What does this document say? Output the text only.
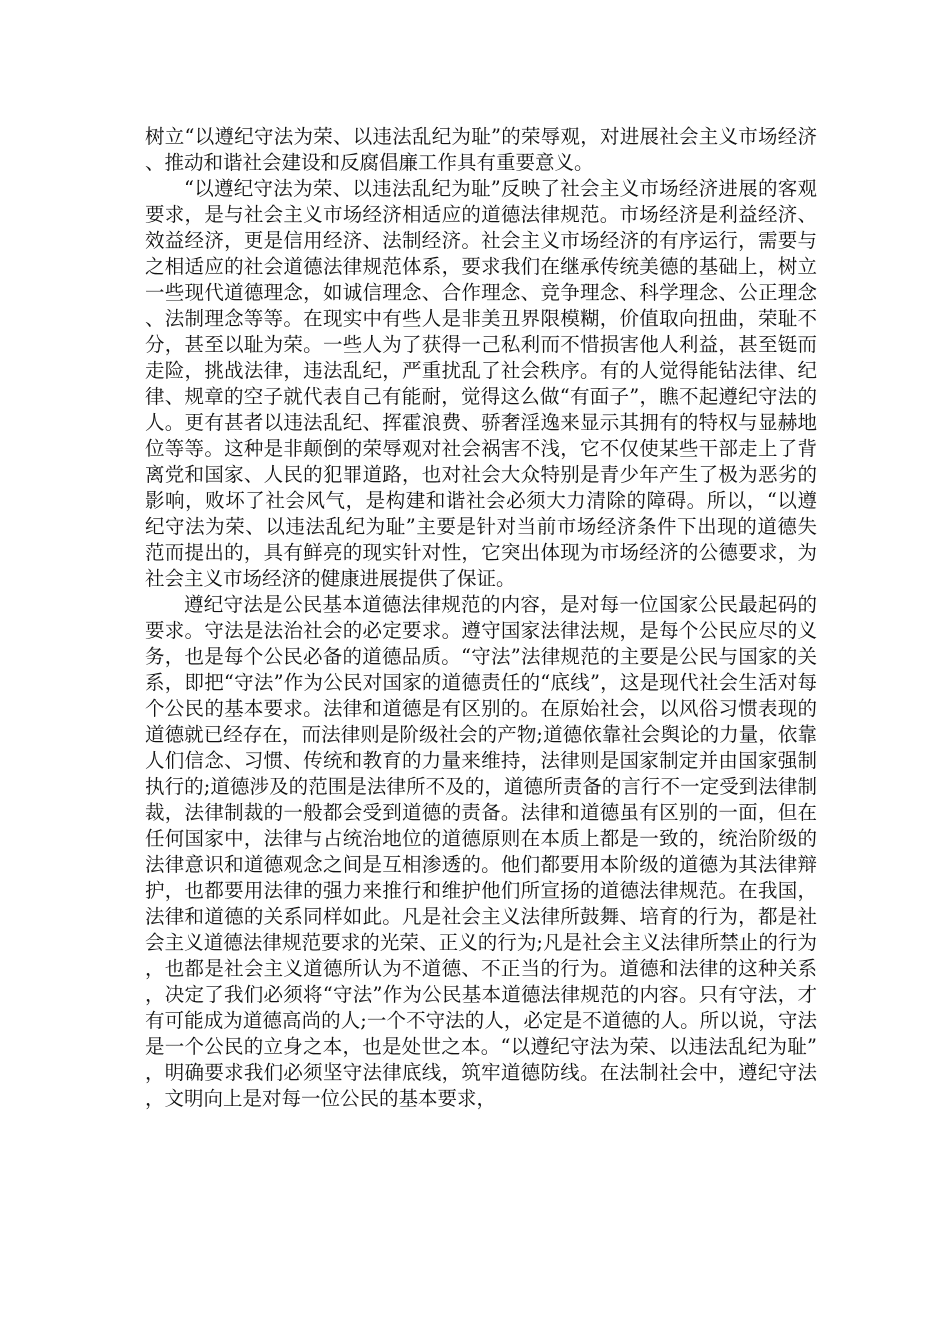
树立“以遵纪守法为荣、以违法乱纪为耻”的荣辱观，对进展社会主义市场经济、推动和谐社会建设和反腐倡廉工作具有重要意义。

“以遵纪守法为荣、以违法乱纪为耻”反映了社会主义市场经济进展的客观要求，是与社会主义市场经济相适应的道德法律规范。市场经济是利益经济、效益经济，更是信用经济、法制经济。社会主义市场经济的有序运行，需要与之相适应的社会道德法律规范体系，要求我们在继承传统美德的基础上，树立一些现代道德理念，如诚信理念、合作理念、竞争理念、科学理念、公正理念、法制理念等等。在现实中有些人是非美丑界限模糊，价值取向扭曲，荣耻不分，甚至以耻为荣。一些人为了获得一己私利而不惜损害他人利益，甚至铤而走险，挑战法律，违法乱纪，严重扰乱了社会秩序。有的人觉得能钻法律、纪律、规章的空子就代表自己有能耐，觉得这么做“有面子”，瞧不起遵纪守法的人。更有甚者以违法乱纪、挥霍浪费、骄奢淫逸来显示其拥有的特权与显赫地位等等。这种是非颠倒的荣辱观对社会祸害不浅，它不仅使某些干部走上了背离党和国家、人民的犯罪道路，也对社会大众特别是青少年产生了极为恶劣的影响，败坏了社会风气，是构建和谐社会必须大力清除的障碍。所以，“以遵纪守法为荣、以违法乱纪为耻”主要是针对当前市场经济条件下出现的道德失范而提出的，具有鲜亮的现实针对性，它突出体现为市场经济的公德要求，为社会主义市场经济的健康进展提供了保证。

遵纪守法是公民基本道德法律规范的内容，是对每一位国家公民最起码的要求。守法是法治社会的必定要求。遵守国家法律法规，是每个公民应尽的义务，也是每个公民必备的道德品质。“守法”法律规范的主要是公民与国家的关系，即把“守法”作为公民对国家的道德责任的“底线”，这是现代社会生活对每个公民的基本要求。法律和道德是有区别的。在原始社会，以风俗习惯表现的道德就已经存在，而法律则是阶级社会的产物;道德依靠社会舆论的力量，依靠人们信念、习惯、传统和教育的力量来维持，法律则是国家制定并由国家强制执行的;道德涉及的范围是法律所不及的，道德所责备的言行不一定受到法律制裁，法律制裁的一般都会受到道德的责备。法律和道德虽有区别的一面，但在任何国家中，法律与占统治地位的道德原则在本质上都是一致的，统治阶级的法律意识和道德观念之间是互相渗透的。他们都要用本阶级的道德为其法律辩护，也都要用法律的强力来推行和维护他们所宣扬的道德法律规范。在我国，法律和道德的关系同样如此。凡是社会主义法律所鼓舞、培育的行为，都是社会主义道德法律规范要求的光荣、正义的行为;凡是社会主义法律所禁止的行为，也都是社会主义道德所认为不道德、不正当的行为。道德和法律的这种关系，决定了我们必须将“守法”作为公民基本道德法律规范的内容。只有守法，才有可能成为道德高尚的人;一个不守法的人，必定是不道德的人。所以说，守法是一个公民的立身之本，也是处世之本。“以遵纪守法为荣、以违法乱纪为耻”，明确要求我们必须坚守法律底线，筑牢道德防线。在法制社会中，遵纪守法，文明向上是对每一位公民的基本要求，
